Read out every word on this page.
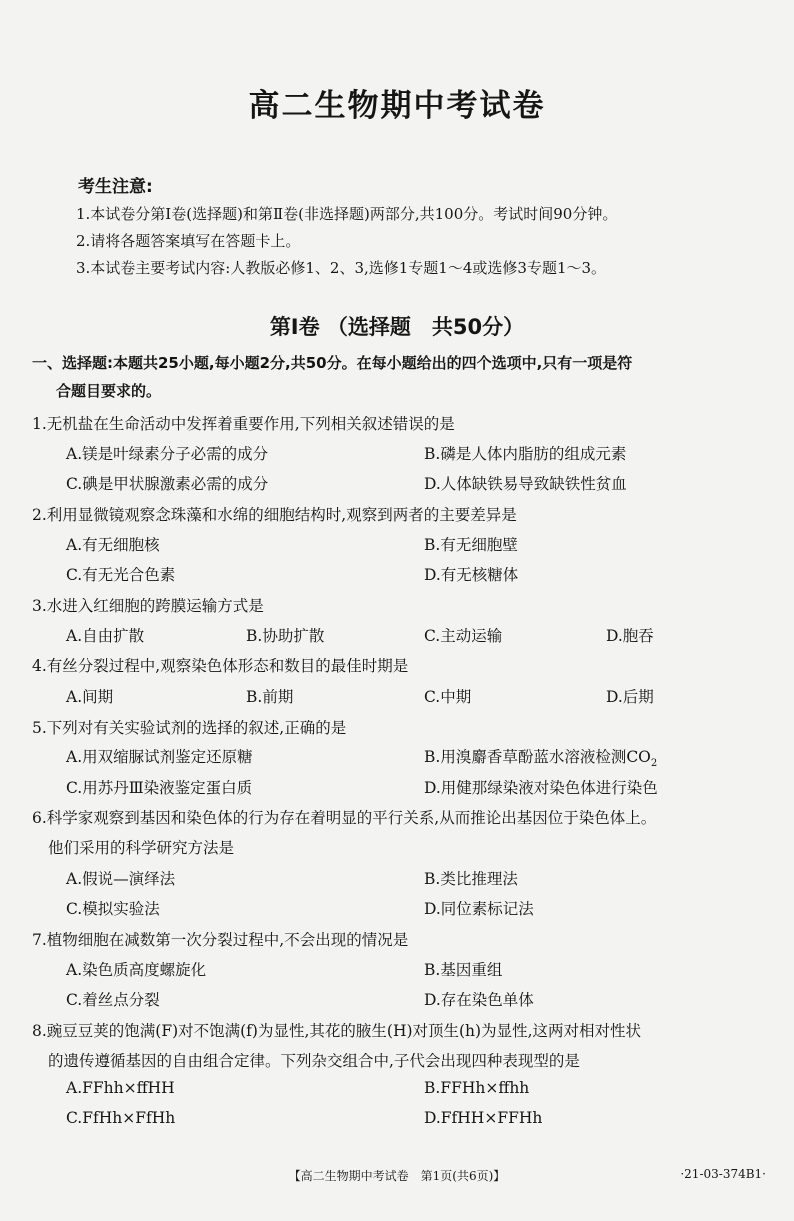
高二生物期中考试卷
考生注意:
1.本试卷分第Ⅰ卷(选择题)和第Ⅱ卷(非选择题)两部分,共100分。考试时间90分钟。
2.请将各题答案填写在答题卡上。
3.本试卷主要考试内容:人教版必修1、2、3,选修1专题1～4或选修3专题1～3。
第Ⅰ卷 （选择题　共50分）
一、选择题:本题共25小题,每小题2分,共50分。在每小题给出的四个选项中,只有一项是符
合题目要求的。
1.无机盐在生命活动中发挥着重要作用,下列相关叙述错误的是
A.镁是叶绿素分子必需的成分	B.磷是人体内脂肪的组成元素
C.碘是甲状腺激素必需的成分	D.人体缺铁易导致缺铁性贫血
2.利用显微镜观察念珠藻和水绵的细胞结构时,观察到两者的主要差异是
A.有无细胞核	B.有无细胞壁
C.有无光合色素	D.有无核糖体
3.水进入红细胞的跨膜运输方式是
A.自由扩散	B.协助扩散	C.主动运输	D.胞吞
4.有丝分裂过程中,观察染色体形态和数目的最佳时期是
A.间期	B.前期	C.中期	D.后期
5.下列对有关实验试剂的选择的叙述,正确的是
A.用双缩脲试剂鉴定还原糖	B.用溴麝香草酚蓝水溶液检测$CO_2$
C.用苏丹Ⅲ染液鉴定蛋白质	D.用健那绿染液对染色体进行染色
6.科学家观察到基因和染色体的行为存在着明显的平行关系,从而推论出基因位于染色体上。
他们采用的科学研究方法是
A.假说—演绎法	B.类比推理法
C.模拟实验法	D.同位素标记法
7.植物细胞在减数第一次分裂过程中,不会出现的情况是
A.染色质高度螺旋化	B.基因重组
C.着丝点分裂	D.存在染色单体
8.豌豆豆荚的饱满(F)对不饱满(f)为显性,其花的腋生(H)对顶生(h)为显性,这两对相对性状
的遗传遵循基因的自由组合定律。下列杂交组合中,子代会出现四种表现型的是
A.FFhh×ffHH	B.FFHh×ffhh
C.FfHh×FfHh	D.FfHH×FFHh
【高二生物期中考试卷　第1页(共6页)】	·21-03-374B1·
